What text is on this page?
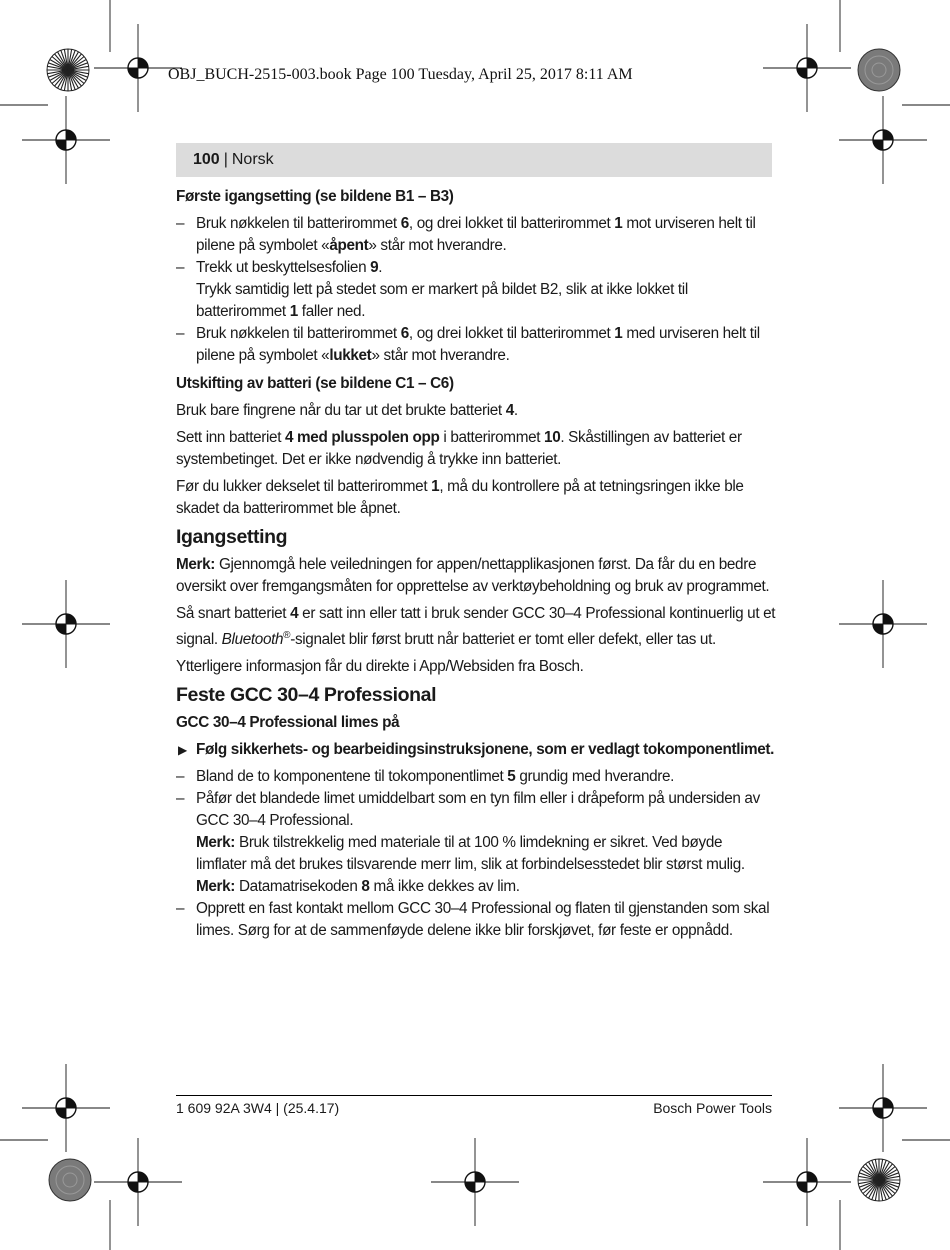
OBJ_BUCH-2515-003.book Page 100 Tuesday, April 25, 2017 8:11 AM

100 | Norsk

Første igangsetting (se bildene B1 – B3)

– Bruk nøkkelen til batterirommet 6, og drei lokket til batterirommet 1 mot urviseren helt til pilene på symbolet «åpent» står mot hverandre.
– Trekk ut beskyttelsesfolien 9.
Trykk samtidig lett på stedet som er markert på bildet B2, slik at ikke lokket til batterirommet 1 faller ned.
– Bruk nøkkelen til batterirommet 6, og drei lokket til batterirommet 1 med urviseren helt til pilene på symbolet «lukket» står mot hverandre.

Utskifting av batteri (se bildene C1 – C6)

Bruk bare fingrene når du tar ut det brukte batteriet 4.

Sett inn batteriet 4 med plusspolen opp i batterirommet 10. Skåstillingen av batteriet er systembetinget. Det er ikke nødvendig å trykke inn batteriet.

Før du lukker dekselet til batterirommet 1, må du kontrollere på at tetningsringen ikke ble skadet da batterirommet ble åpnet.

Igangsetting

Merk: Gjennomgå hele veiledningen for appen/nettapplikasjonen først. Da får du en bedre oversikt over fremgangsmåten for opprettelse av verktøybeholdning og bruk av programmet.

Så snart batteriet 4 er satt inn eller tatt i bruk sender GCC 30–4 Professional kontinuerlig ut et signal. Bluetooth®-signalet blir først brutt når batteriet er tomt eller defekt, eller tas ut.

Ytterligere informasjon får du direkte i App/Websiden fra Bosch.

Feste GCC 30–4 Professional

GCC 30–4 Professional limes på

▶ Følg sikkerhets- og bearbeidingsinstruksjonene, som er vedlagt tokomponentlimet.

– Bland de to komponentene til tokomponentlimet 5 grundig med hverandre.
– Påfør det blandede limet umiddelbart som en tyn film eller i dråpeform på undersiden av GCC 30–4 Professional.
Merk: Bruk tilstrekkelig med materiale til at 100 % limdekning er sikret. Ved bøyde limflater må det brukes tilsvarende merr lim, slik at forbindelsesstedet blir størst mulig.
Merk: Datamatrisekoden 8 må ikke dekkes av lim.
– Opprett en fast kontakt mellom GCC 30–4 Professional og flaten til gjenstanden som skal limes. Sørg for at de sammenføyde delene ikke blir forskjøvet, før feste er oppnådd.
1 609 92A 3W4 | (25.4.17)	Bosch Power Tools
